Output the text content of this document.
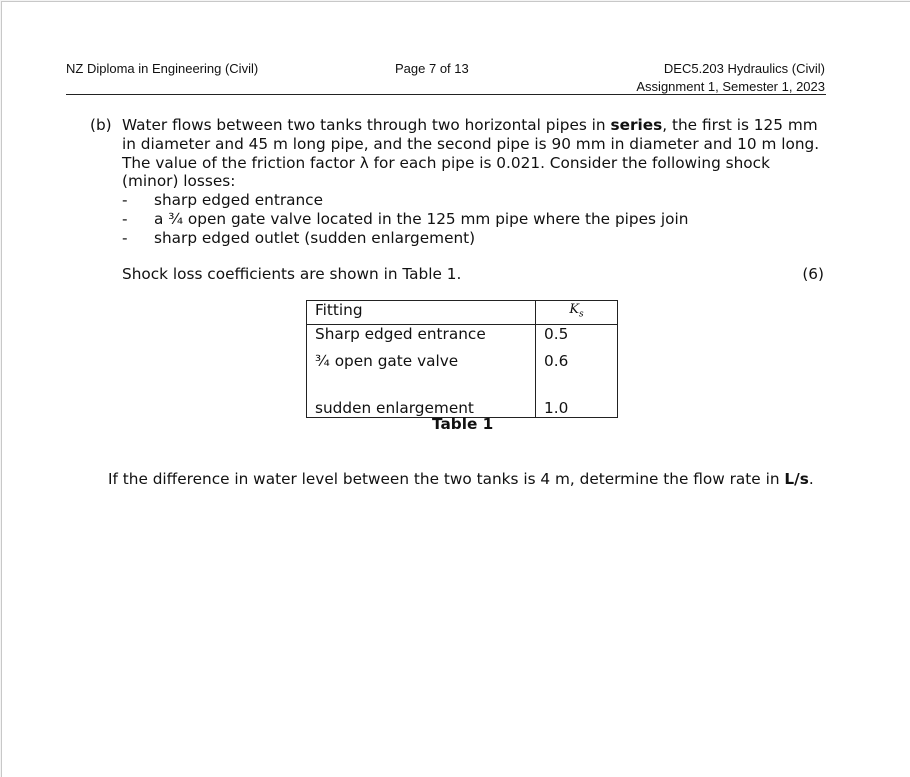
NZ Diploma in Engineering (Civil)	Page 7 of 13	DEC5.203 Hydraulics (Civil)
Assignment 1, Semester 1, 2023
(b) Water flows between two tanks through two horizontal pipes in series, the first is 125 mm
in diameter and 45 m long pipe, and the second pipe is 90 mm in diameter and 10 m long.
The value of the friction factor λ for each pipe is 0.021. Consider the following shock
(minor) losses:
-	sharp edged entrance
-	a ¾ open gate valve located in the 125 mm pipe where the pipes join
-	sharp edged outlet (sudden enlargement)
Shock loss coefficients are shown in Table 1.	(6)
Fitting	$K_s$
Sharp edged entrance	0.5
¾ open gate valve	0.6
sudden enlargement	1.0
Table 1
If the difference in water level between the two tanks is 4 m, determine the flow rate in L/s.
